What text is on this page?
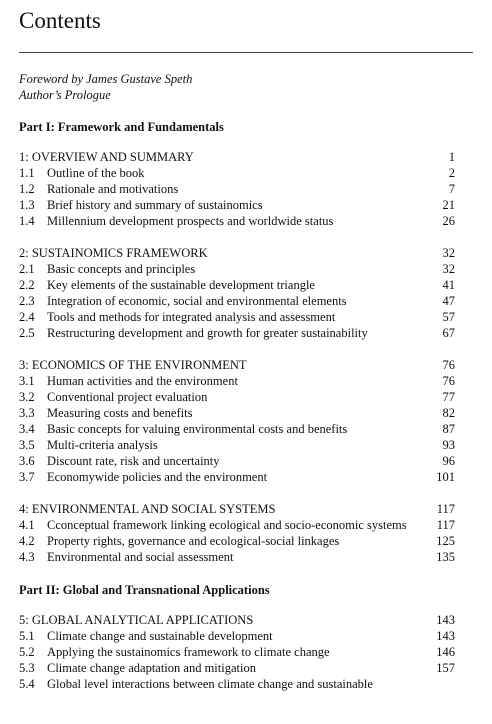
Contents
Foreword by James Gustave Speth
Author’s Prologue
Part I: Framework and Fundamentals
1: OVERVIEW AND SUMMARY	1
1.1 Outline of the book	2
1.2 Rationale and motivations	7
1.3 Brief history and summary of sustainomics	21
1.4 Millennium development prospects and worldwide status	26
2: SUSTAINOMICS FRAMEWORK	32
2.1 Basic concepts and principles	32
2.2 Key elements of the sustainable development triangle	41
2.3 Integration of economic, social and environmental elements	47
2.4 Tools and methods for integrated analysis and assessment	57
2.5 Restructuring development and growth for greater sustainability	67
3: ECONOMICS OF THE ENVIRONMENT	76
3.1 Human activities and the environment	76
3.2 Conventional project evaluation	77
3.3 Measuring costs and benefits	82
3.4 Basic concepts for valuing environmental costs and benefits	87
3.5 Multi-criteria analysis	93
3.6 Discount rate, risk and uncertainty	96
3.7 Economywide policies and the environment	101
4: ENVIRONMENTAL AND SOCIAL SYSTEMS	117
4.1 Cconceptual framework linking ecological and socio-economic systems 117
4.2 Property rights, governance and ecological-social linkages	125
4.3 Environmental and social assessment	135
Part II: Global and Transnational Applications
5: GLOBAL ANALYTICAL APPLICATIONS	143
5.1 Climate change and sustainable development	143
5.2 Applying the sustainomics framework to climate change	146
5.3 Climate change adaptation and mitigation	157
5.4 Global level interactions between climate change and sustainable
